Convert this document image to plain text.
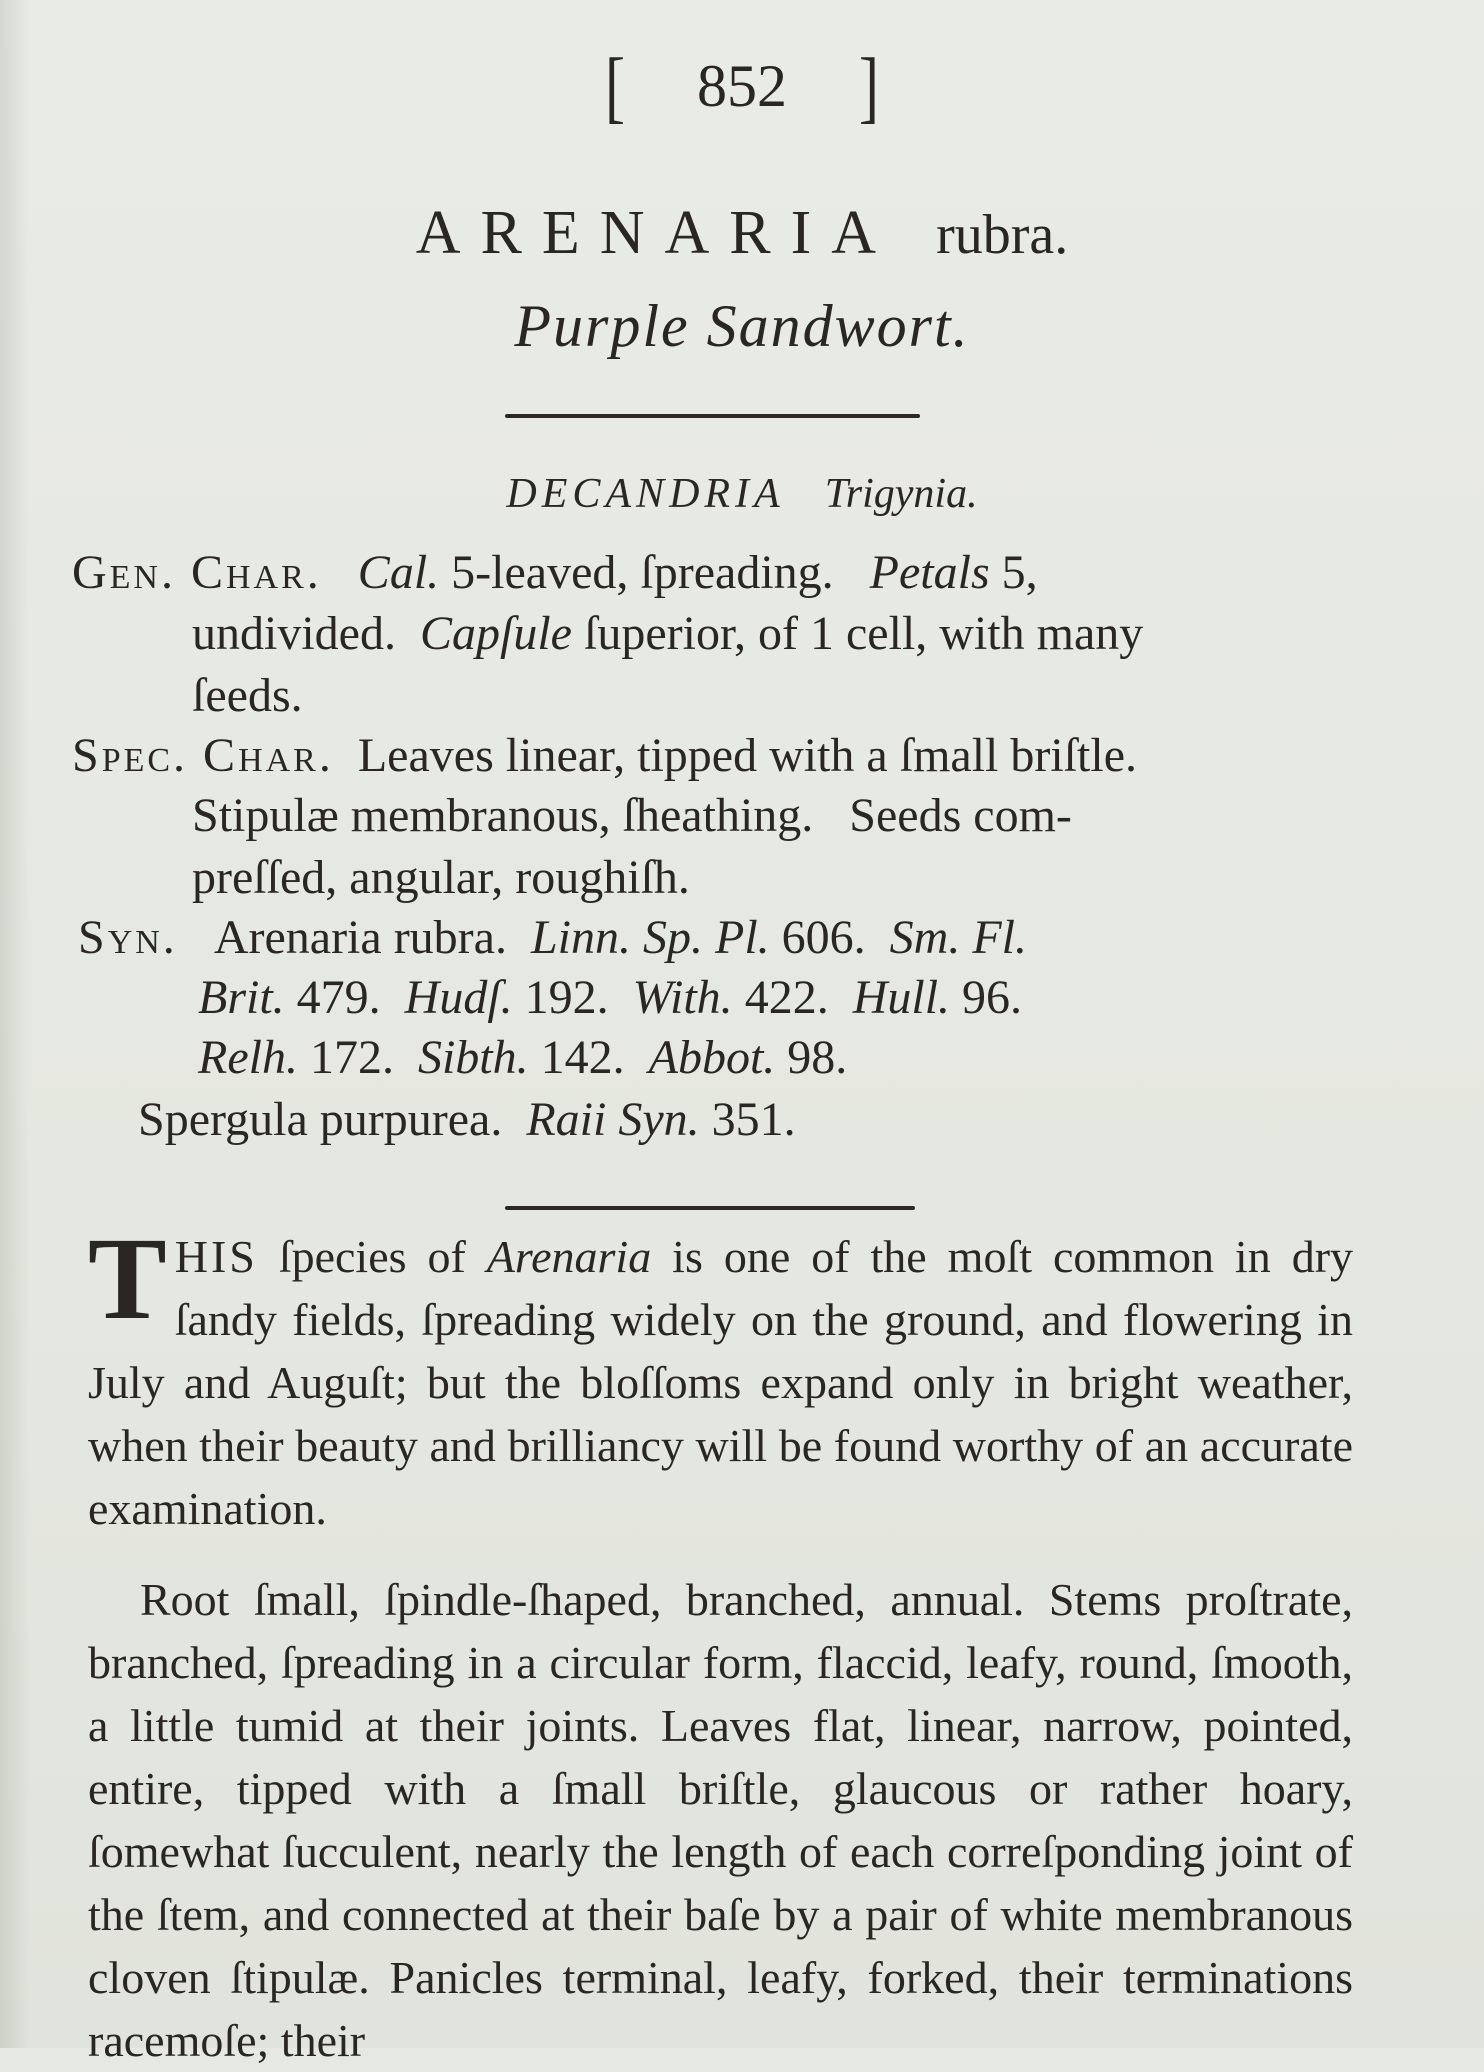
[ 852 ]
ARENARIA rubra.
Purple Sandwort.
DECANDRIA Trigynia.
Gen. Char. Cal. 5-leaved, ſpreading.   Petals 5,
undivided.  Capſule ſuperior, of 1 cell, with many
ſeeds.
Spec. Char. Leaves linear, tipped with a ſmall briſtle.
Stipulæ membranous, ſheathing.   Seeds com-
preſſed, angular, roughiſh.
Syn. Arenaria rubra.  Linn. Sp. Pl. 606.  Sm. Fl.
Brit. 479.  Hudſ. 192.  With. 422.  Hull. 96.
Relh. 172.  Sibth. 142.  Abbot. 98.
Spergula purpurea.  Raii Syn. 351.
THIS ſpecies of Arenaria is one of the moſt common in dry ſandy fields, ſpreading widely on the ground, and flowering in July and Auguſt; but the bloſſoms expand only in bright weather, when their beauty and brilliancy will be found worthy of an accurate examination.
Root ſmall, ſpindle-ſhaped, branched, annual. Stems proſtrate, branched, ſpreading in a circular form, flaccid, leafy, round, ſmooth, a little tumid at their joints. Leaves flat, linear, narrow, pointed, entire, tipped with a ſmall briſtle, glaucous or rather hoary, ſomewhat ſucculent, nearly the length of each correſponding joint of the ſtem, and connected at their baſe by a pair of white membranous cloven ſtipulæ. Panicles terminal, leafy, forked, their terminations racemoſe; their
